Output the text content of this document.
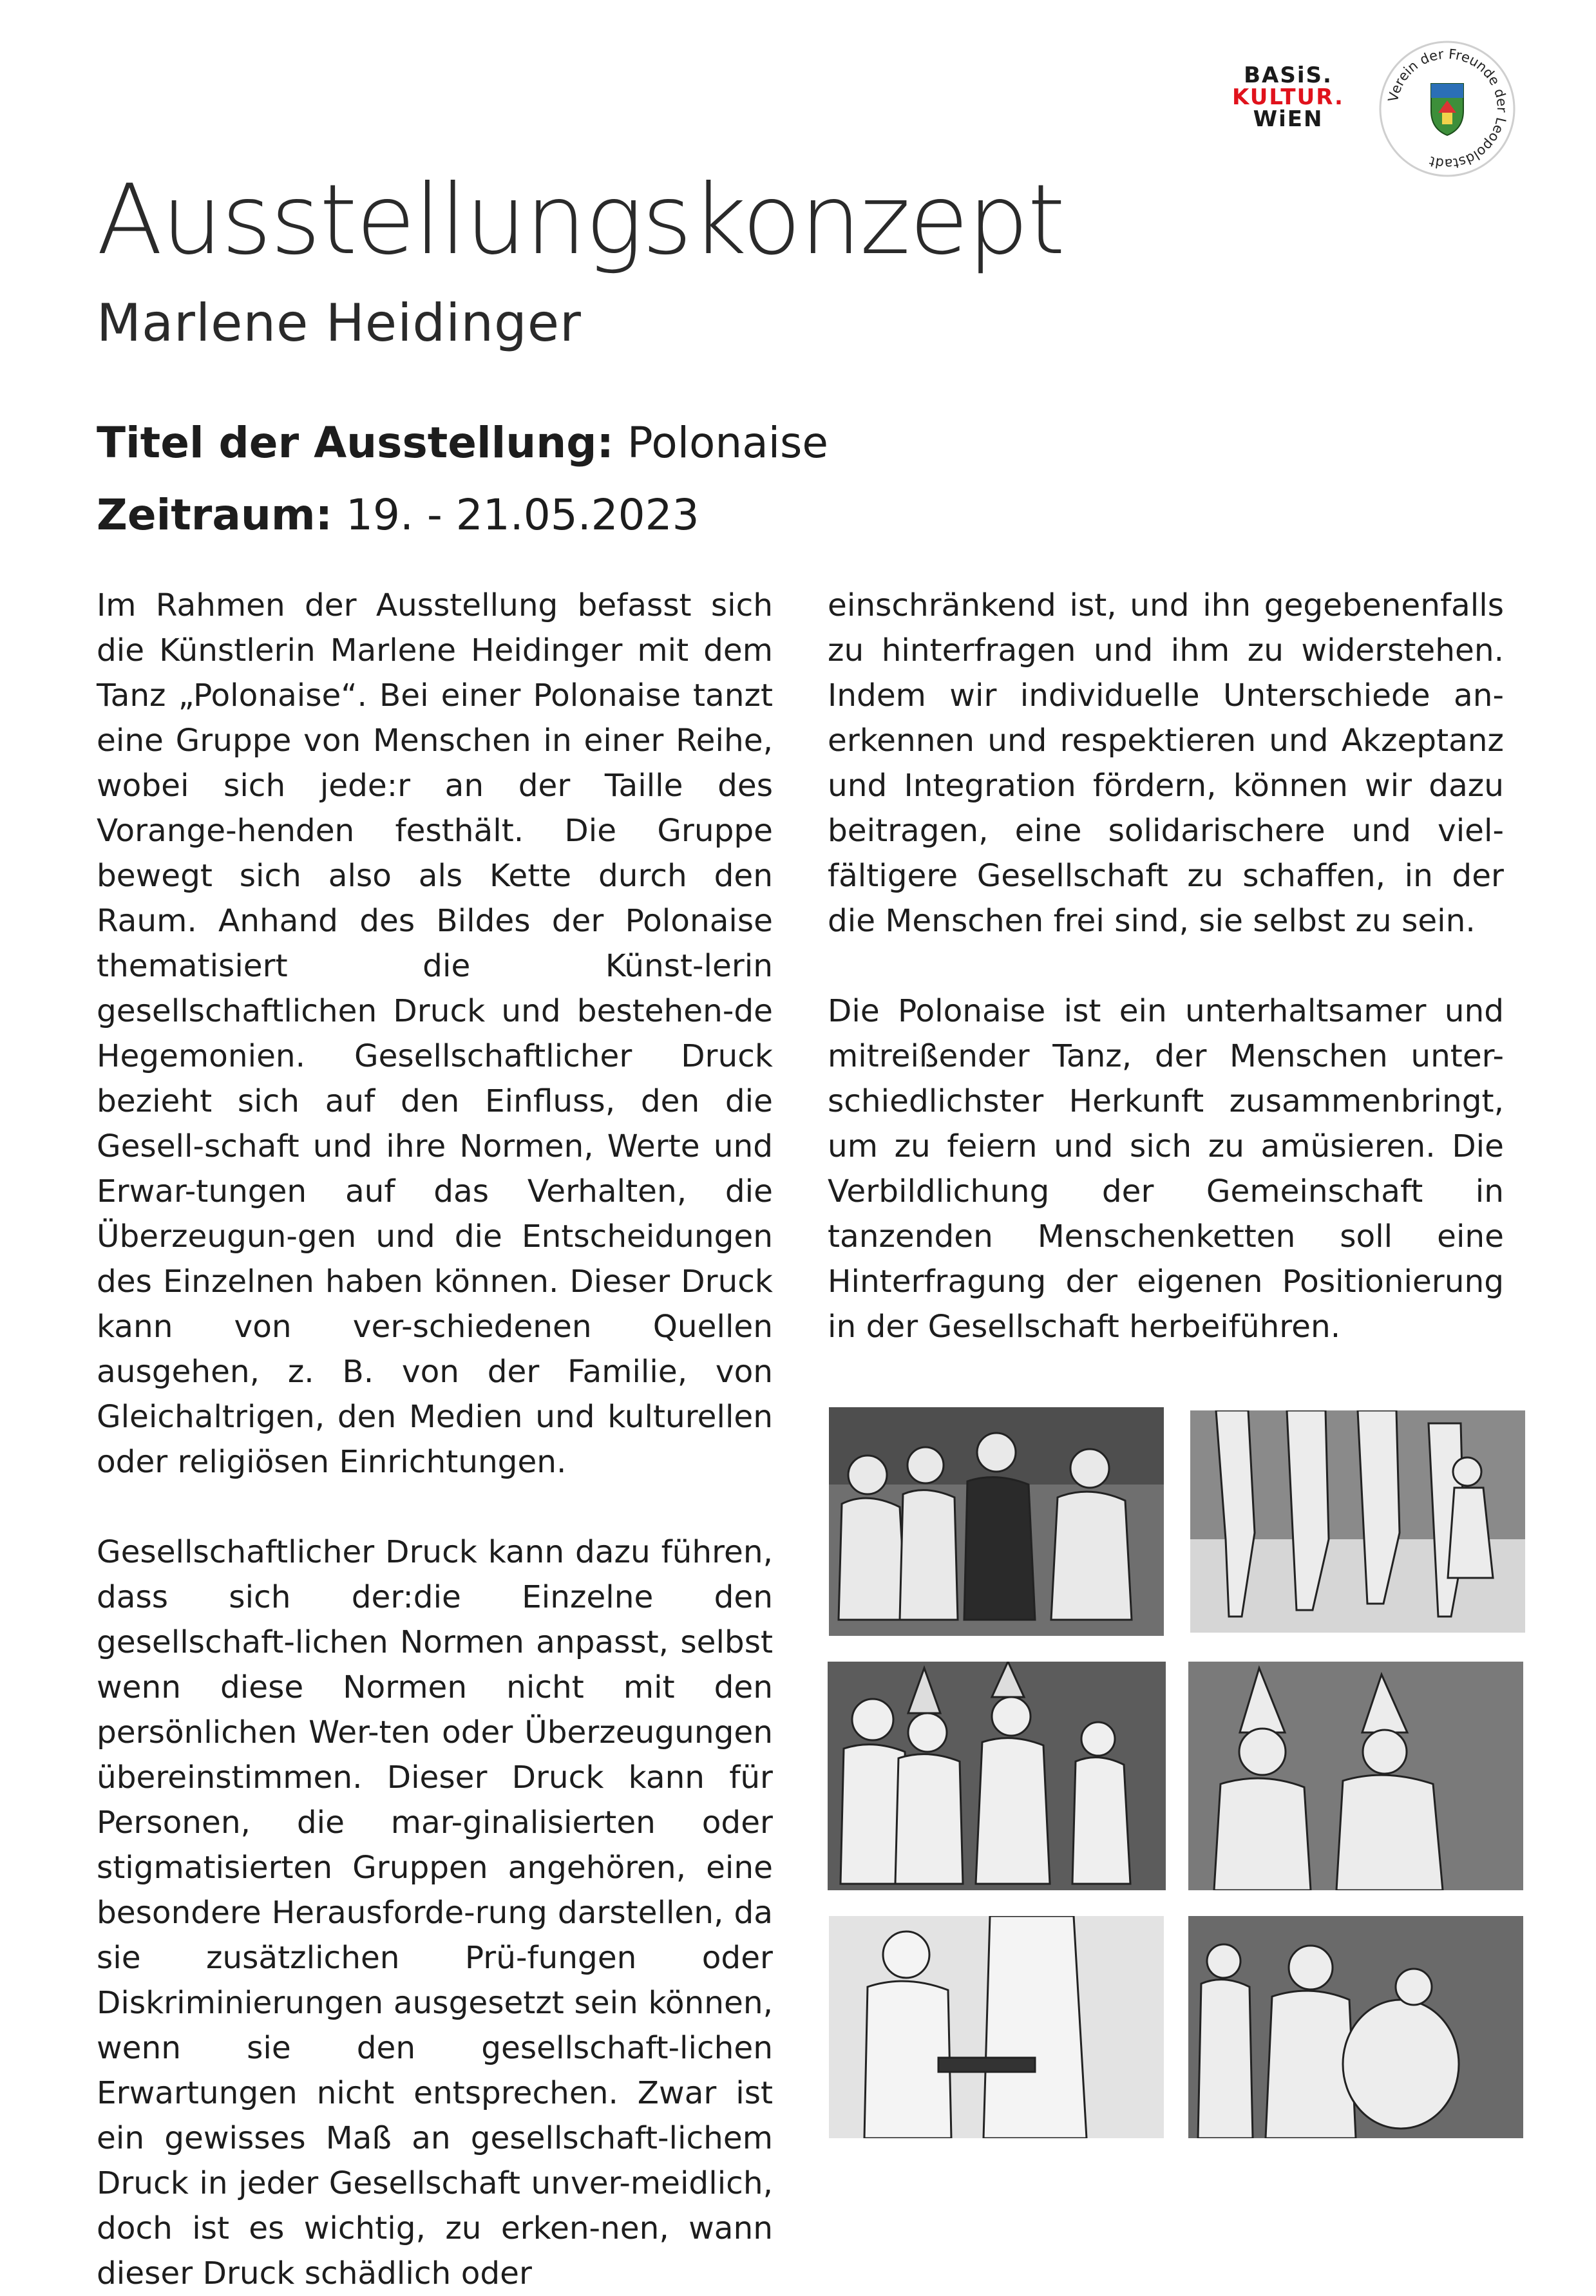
BASiS.
KULTUR.
WiEN
Verein der Freunde der Leopoldstadt
Ausstellungskonzept
Marlene Heidinger
Titel der Ausstellung: Polonaise
Zeitraum: 19. - 21.05.2023

Im Rahmen der Ausstellung befasst sich die Künstlerin Marlene Heidinger mit dem Tanz „Polonaise“. Bei einer Polonaise tanzt eine Gruppe von Menschen in einer Reihe, wobei sich jede:r an der Taille des Vorange-henden festhält. Die Gruppe bewegt sich also als Kette durch den Raum. Anhand des Bildes der Polonaise thematisiert die Künst-lerin gesellschaftlichen Druck und bestehen-de Hegemonien. Gesellschaftlicher Druck bezieht sich auf den Einfluss, den die Gesell-schaft und ihre Normen, Werte und Erwar-tungen auf das Verhalten, die Überzeugun-gen und die Entscheidungen des Einzelnen haben können. Dieser Druck kann von ver-schiedenen Quellen ausgehen, z. B. von der Familie, von Gleichaltrigen, den Medien und kulturellen oder religiösen Einrichtungen.

Gesellschaftlicher Druck kann dazu führen, dass sich der:die Einzelne den gesellschaft-lichen Normen anpasst, selbst wenn diese Normen nicht mit den persönlichen Wer-ten oder Überzeugungen übereinstimmen. Dieser Druck kann für Personen, die mar-ginalisierten oder stigmatisierten Gruppen angehören, eine besondere Herausforde-rung darstellen, da sie zusätzlichen Prü-fungen oder Diskriminierungen ausgesetzt sein können, wenn sie den gesellschaft-lichen Erwartungen nicht entsprechen. Zwar ist ein gewisses Maß an gesellschaft-lichem Druck in jeder Gesellschaft unver-meidlich, doch ist es wichtig, zu erken-nen, wann dieser Druck schädlich oder

einschränkend ist, und ihn gegebenenfalls zu hinterfragen und ihm zu widerstehen. Indem wir individuelle Unterschiede an-erkennen und respektieren und Akzeptanz und Integration fördern, können wir dazu beitragen, eine solidarischere und viel-fältigere Gesellschaft zu schaffen, in der die Menschen frei sind, sie selbst zu sein.

Die Polonaise ist ein unterhaltsamer und mitreißender Tanz, der Menschen unter-schiedlichster Herkunft zusammenbringt, um zu feiern und sich zu amüsieren. Die Verbildlichung der Gemeinschaft in tanzenden Menschenketten soll eine Hinterfragung der eigenen Positionierung in der Gesellschaft herbeiführen.
